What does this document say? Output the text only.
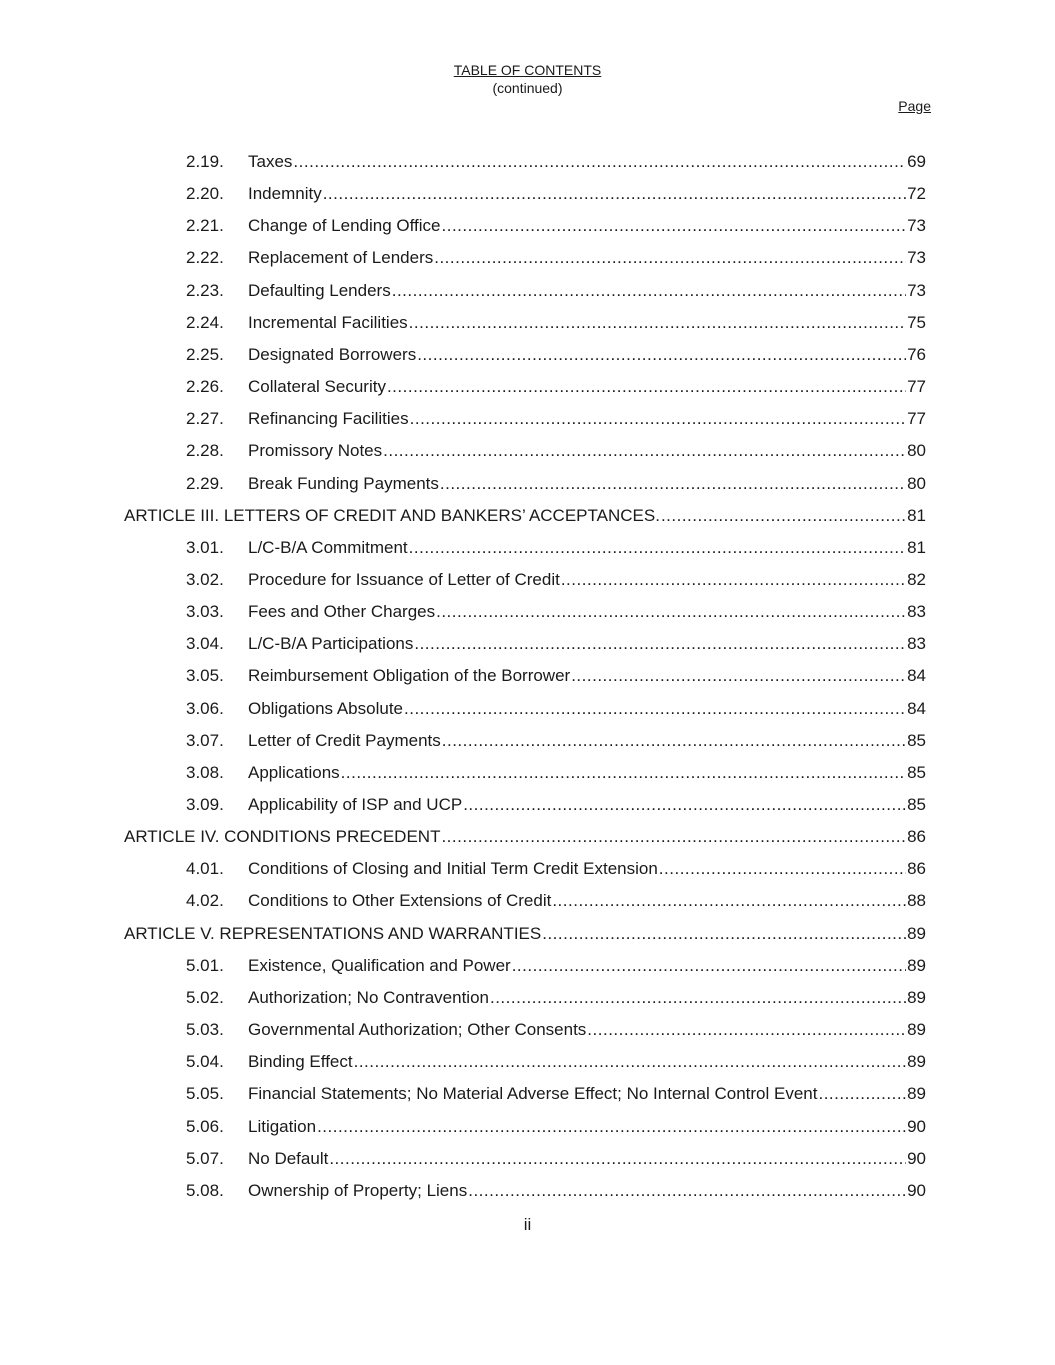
TABLE OF CONTENTS
(continued)
Page
2.19.	Taxes .....	69
2.20.	Indemnity .....	72
2.21.	Change of Lending Office .....	73
2.22.	Replacement of Lenders .....	73
2.23.	Defaulting Lenders .....	73
2.24.	Incremental Facilities .....	75
2.25.	Designated Borrowers .....	76
2.26.	Collateral Security .....	77
2.27.	Refinancing Facilities .....	77
2.28.	Promissory Notes .....	80
2.29.	Break Funding Payments .....	80
ARTICLE III. LETTERS OF CREDIT AND BANKERS’ ACCEPTANCES. .....	81
3.01.	L/C-B/A Commitment .....	81
3.02.	Procedure for Issuance of Letter of Credit .....	82
3.03.	Fees and Other Charges .....	83
3.04.	L/C-B/A Participations .....	83
3.05.	Reimbursement Obligation of the Borrower .....	84
3.06.	Obligations Absolute .....	84
3.07.	Letter of Credit Payments .....	85
3.08.	Applications .....	85
3.09.	Applicability of ISP and UCP .....	85
ARTICLE IV. CONDITIONS PRECEDENT .....	86
4.01.	Conditions of Closing and Initial Term Credit Extension .....	86
4.02.	Conditions to Other Extensions of Credit .....	88
ARTICLE V. REPRESENTATIONS AND WARRANTIES .....	89
5.01.	Existence, Qualification and Power .....	89
5.02.	Authorization; No Contravention .....	89
5.03.	Governmental Authorization; Other Consents .....	89
5.04.	Binding Effect .....	89
5.05.	Financial Statements; No Material Adverse Effect; No Internal Control Event .....	89
5.06.	Litigation .....	90
5.07.	No Default .....	90
5.08.	Ownership of Property; Liens .....	90
ii
